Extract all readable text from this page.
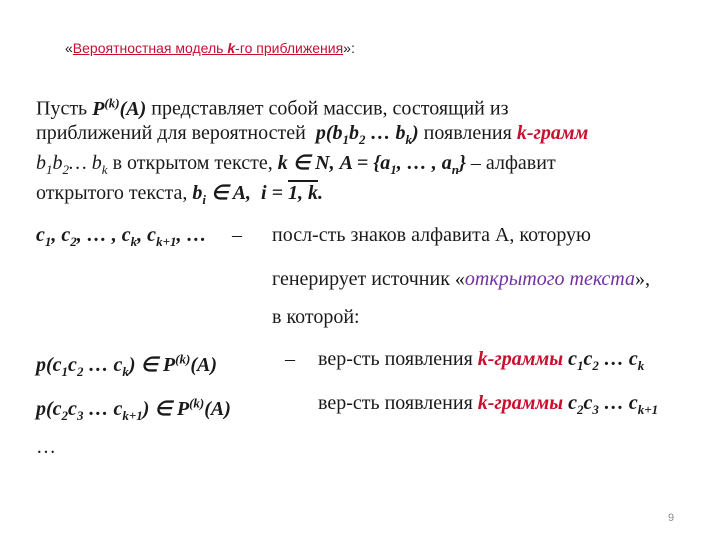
«Вероятностная модель k-го приближения»:
Пусть $P^{(k)}(A)$ представляет собой массив, состоящий из
приближений для вероятностей  $p(b_1b_2$ … $b_k$) появления k-грамм
$b_1b_2\dots$ $b_k$ в открытом тексте, k ∈ N, $A = \{a_1$, … , $a_n$} – алфавит
открытого текста, $b_i$ ∈ A,  i = 1, k.
$c_1$, $c_2$, … , $c_k$, $c_{k+1}$, … – посл-сть знаков алфавита A, которую
генерирует источник «открытого текста»,
в которой:
$p(c_1c_2$ … $c_k$) ∈ $P^{(k)}(A)$	– вер-сть появления k-граммы $c_1c_2$ … $c_k$
$p(c_2c_3$ … $c_{k+1}$) ∈ $P^{(k)}(A)$	вер-сть появления k-граммы $c_2c_3$ … $c_{k+1}$
…
9
